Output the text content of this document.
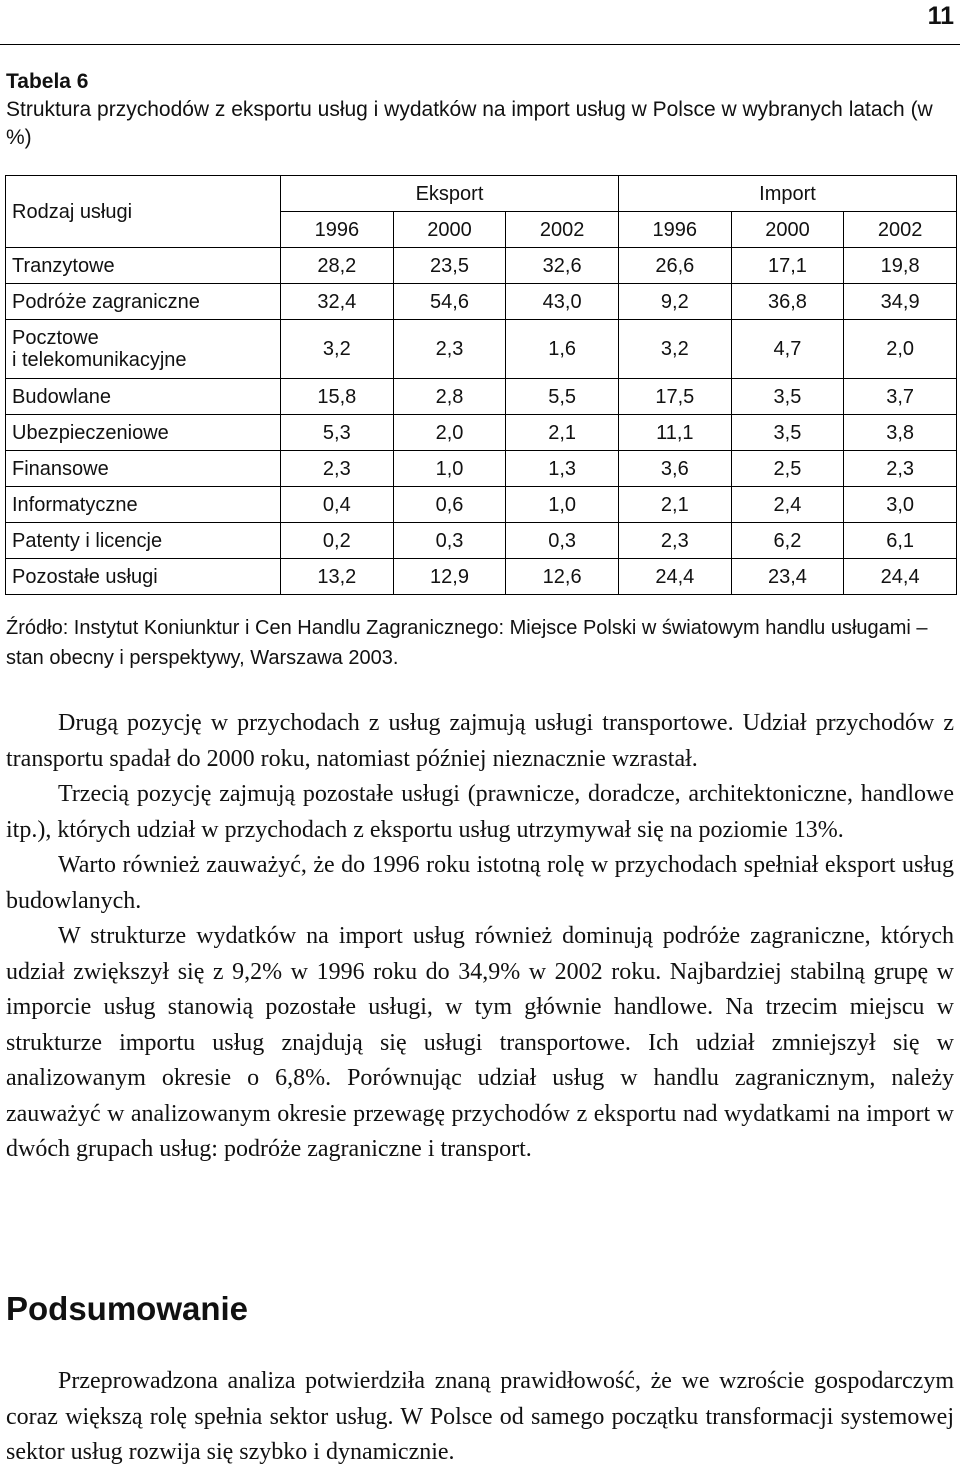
11
Tabela 6
Struktura przychodów z eksportu usług i wydatków na import usług w Polsce w wybranych latach (w %)
Rodzaj usługi	Eksport			Import		
	1996	2000	2002	1996	2000	2002
Tranzytowe	28,2	23,5	32,6	26,6	17,1	19,8
Podróże zagraniczne	32,4	54,6	43,0	9,2	36,8	34,9
Pocztowe
i telekomunikacyjne	3,2	2,3	1,6	3,2	4,7	2,0
Budowlane	15,8	2,8	5,5	17,5	3,5	3,7
Ubezpieczeniowe	5,3	2,0	2,1	11,1	3,5	3,8
Finansowe	2,3	1,0	1,3	3,6	2,5	2,3
Informatyczne	0,4	0,6	1,0	2,1	2,4	3,0
Patenty i licencje	0,2	0,3	0,3	2,3	6,2	6,1
Pozostałe usługi	13,2	12,9	12,6	24,4	23,4	24,4
Źródło: Instytut Koniunktur i Cen Handlu Zagranicznego: Miejsce Polski w światowym handlu usługami – stan obecny i perspektywy, Warszawa 2003.

Drugą pozycję w przychodach z usług zajmują usługi transportowe. Udział przychodów z transportu spadał do 2000 roku, natomiast później nieznacznie wzrastał.

Trzecią pozycję zajmują pozostałe usługi (prawnicze, doradcze, architektoniczne, handlowe itp.), których udział w przychodach z eksportu usług utrzymywał się na poziomie 13%.

Warto również zauważyć, że do 1996 roku istotną rolę w przychodach spełniał eksport usług budowlanych.

W strukturze wydatków na import usług również dominują podróże zagraniczne, których udział zwiększył się z 9,2% w 1996 roku do 34,9% w 2002 roku. Najbardziej stabilną grupę w imporcie usług stanowią pozostałe usługi, w tym głównie handlowe. Na trzecim miejscu w strukturze importu usług znajdują się usługi transportowe. Ich udział zmniejszył się w analizowanym okresie o 6,8%. Porównując udział usług w handlu zagranicznym, należy zauważyć w analizowanym okresie przewagę przychodów z eksportu nad wydatkami na import w dwóch grupach usług: podróże zagraniczne i transport.

Podsumowanie

Przeprowadzona analiza potwierdziła znaną prawidłowość, że we wzroście gospodarczym coraz większą rolę spełnia sektor usług. W Polsce od samego początku transformacji systemowej sektor usług rozwija się szybko i dynamicznie.
